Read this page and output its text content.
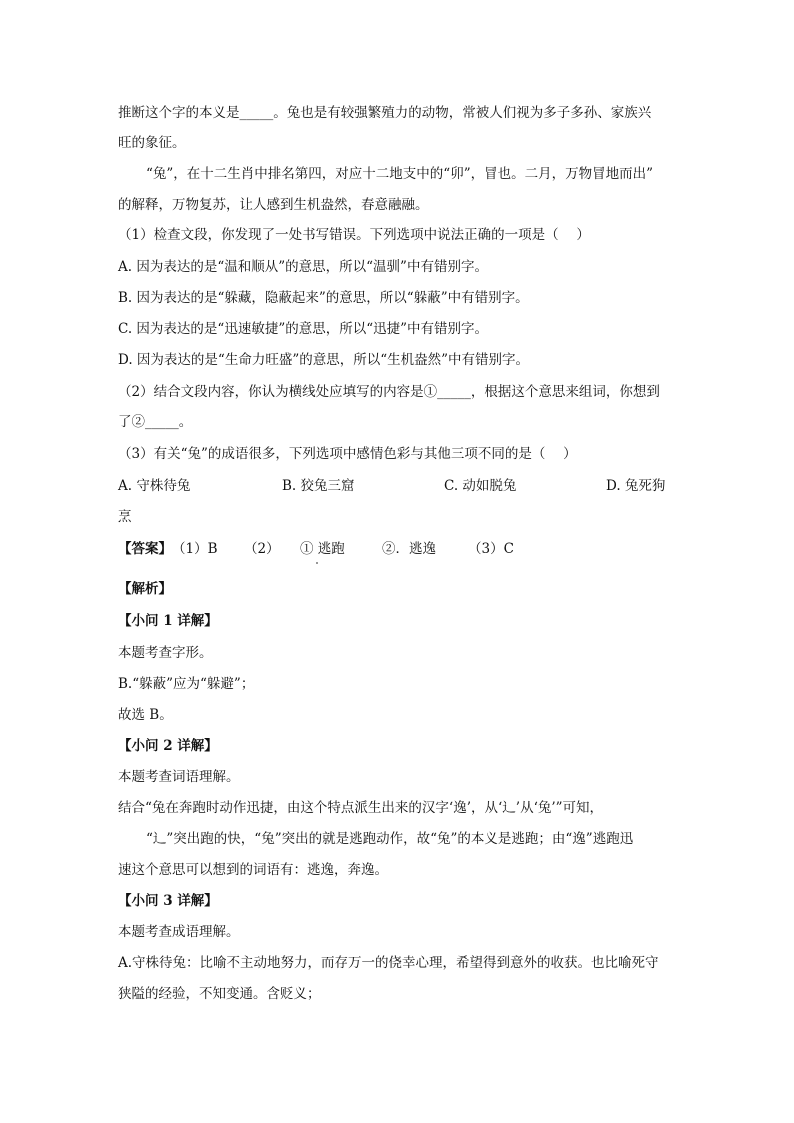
推断这个字的本义是_____。兔也是有较强繁殖力的动物，常被人们视为多子多孙、家族兴
旺的象征。
“兔”，在十二生肖中排名第四，对应十二地支中的“卯”，冒也。二月，万物冒地而出”
的解释，万物复苏，让人感到生机盎然，春意融融。
（1）检查文段，你发现了一处书写错误。下列选项中说法正确的一项是（　 ）
A. 因为表达的是“温和顺从”的意思，所以“温驯”中有错别字。
B. 因为表达的是“躲藏，隐蔽起来”的意思，所以“躲蔽”中有错别字。
C. 因为表达的是“迅速敏捷”的意思，所以“迅捷”中有错别字。
D. 因为表达的是“生命力旺盛”的意思，所以“生机盎然”中有错别字。
（2）结合文段内容，你认为横线处应填写的内容是①_____，根据这个意思来组词，你想到
了②_____。
（3）有关“兔”的成语很多，下列选项中感情色彩与其他三项不同的是（　 ）
A. 守株待兔	B. 狡兔三窟	C. 动如脱兔	D. 兔死狗
烹
【答案】 （1）B （2） ① 逃跑	②．逃逸 （3）C
【解析】
【小问 1 详解】
本题考查字形。
B.“躲蔽”应为“躲避”；
故选 B。
【小问 2 详解】
本题考查词语理解。
结合“兔在奔跑时动作迅捷，由这个特点派生出来的汉字‘逸’，从‘辶’从‘兔’”可知，
“辶”突出跑的快，“兔”突出的就是逃跑动作，故“兔”的本义是逃跑；由“逸”逃跑迅
速这个意思可以想到的词语有：逃逸，奔逸。
【小问 3 详解】
本题考查成语理解。
A.守株待兔：比喻不主动地努力，而存万一的侥幸心理，希望得到意外的收获。也比喻死守
狭隘的经验，不知变通。含贬义；
